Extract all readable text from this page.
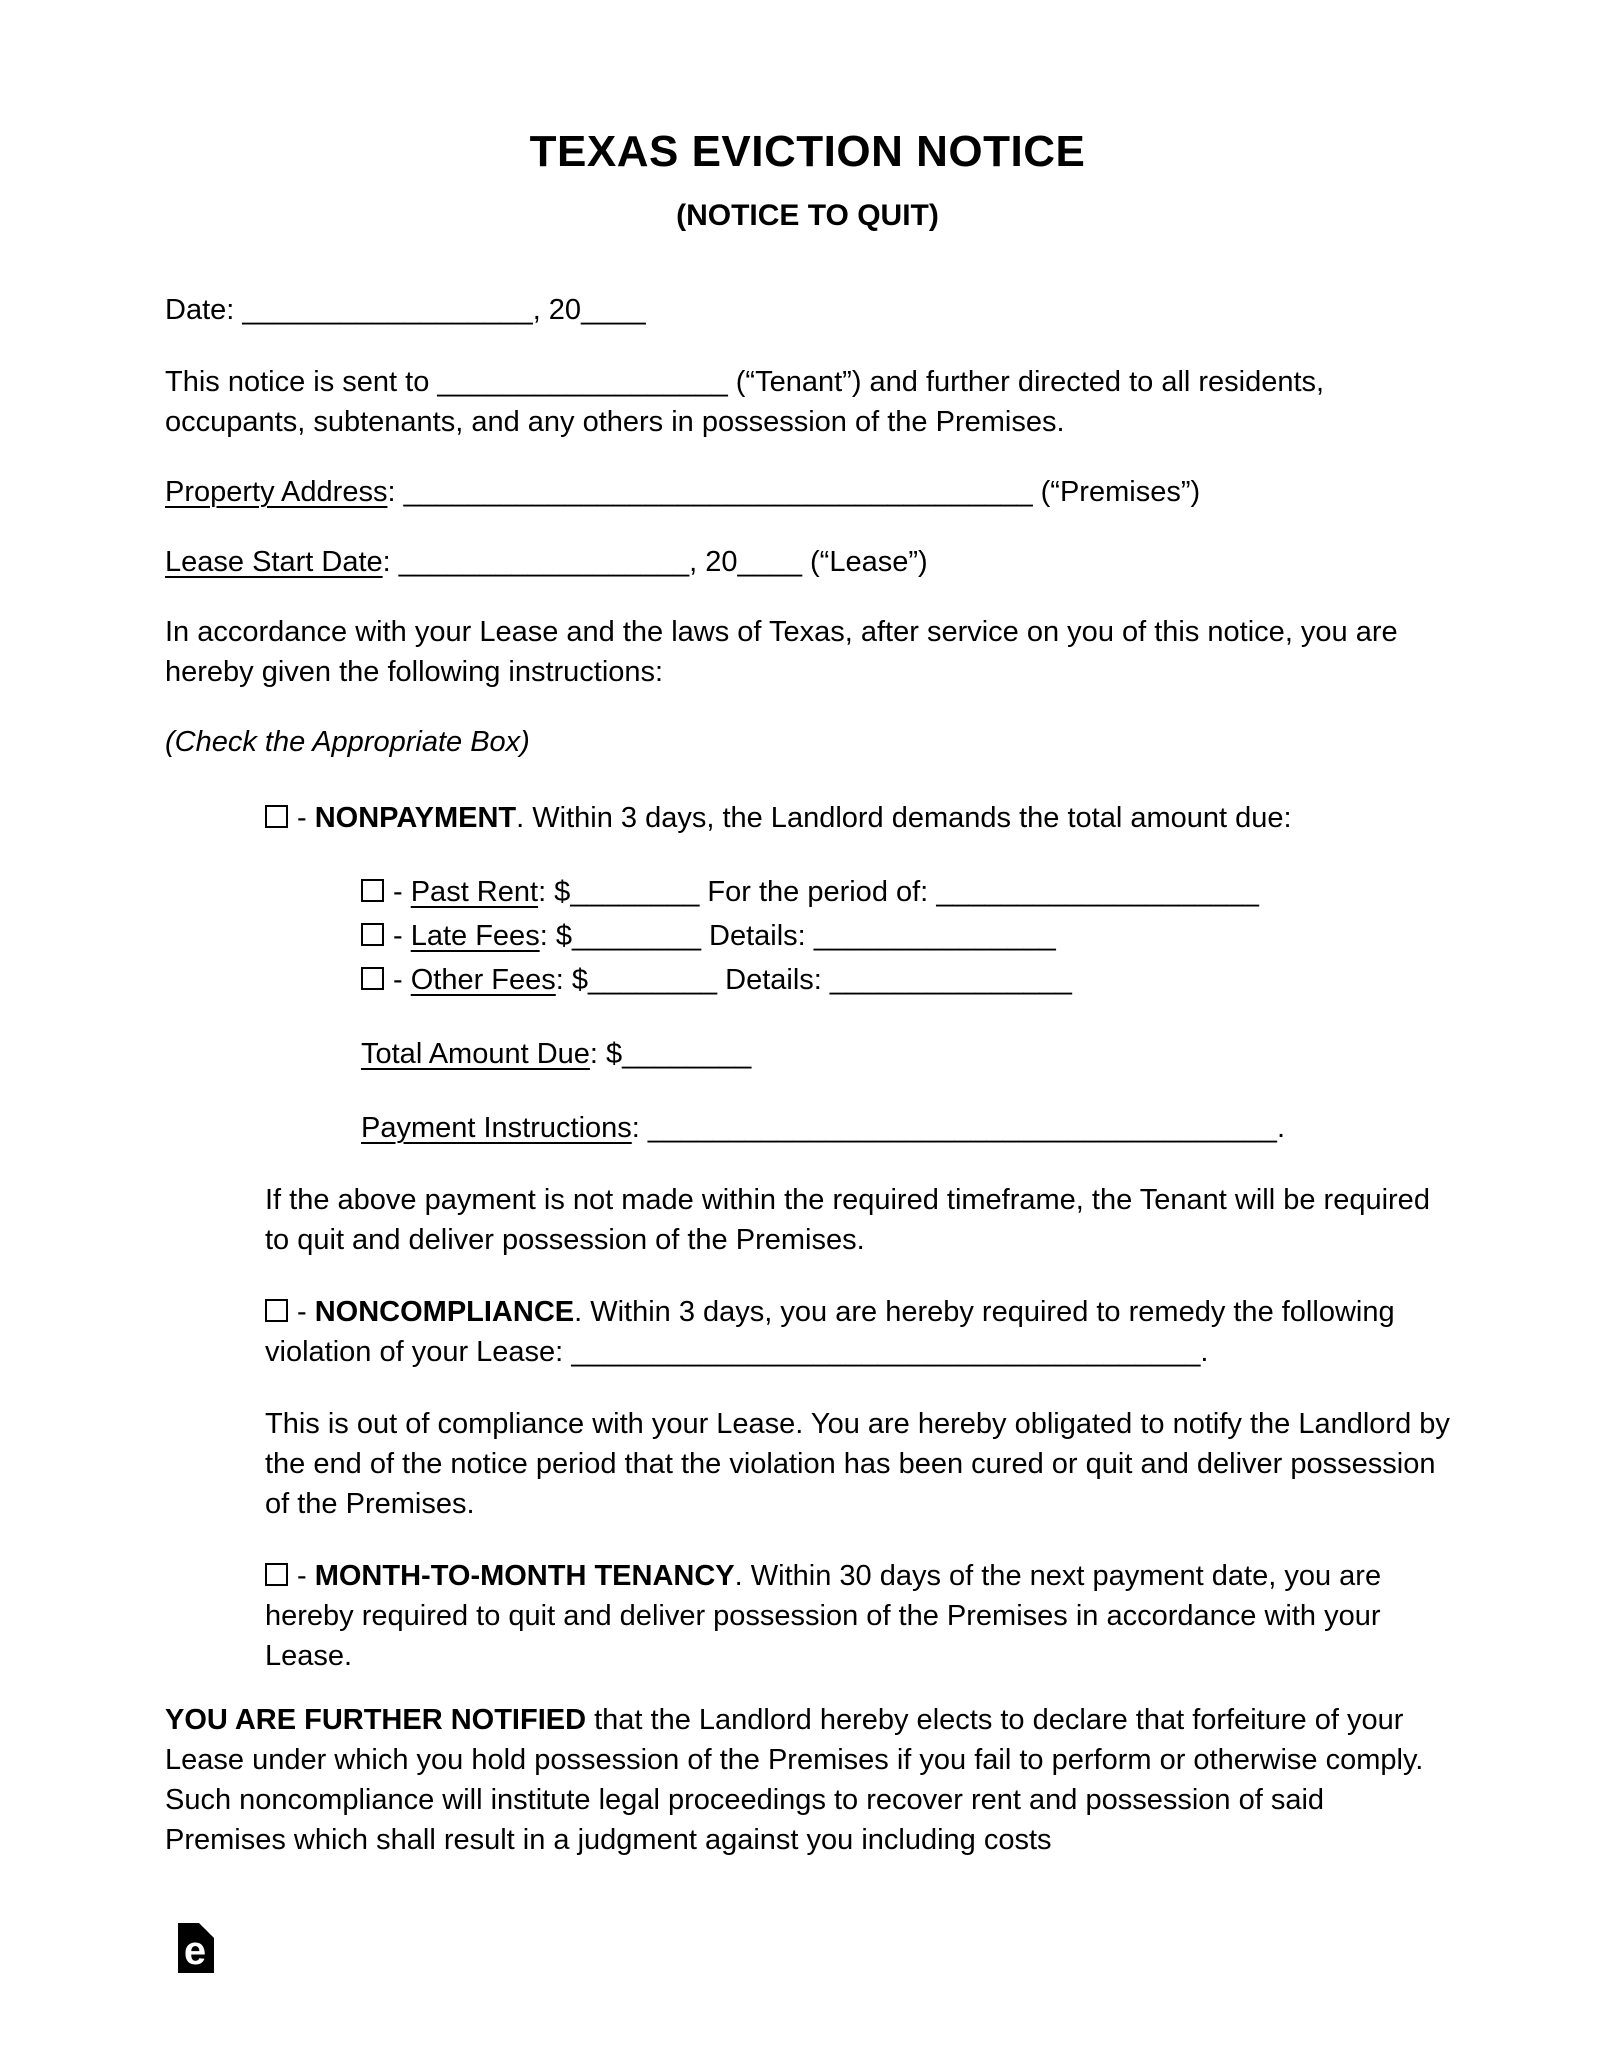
TEXAS EVICTION NOTICE
(NOTICE TO QUIT)

Date: __________________, 20____

This notice is sent to __________________ (“Tenant”) and further directed to all residents, occupants, subtenants, and any others in possession of the Premises.

Property Address: _______________________________________ (“Premises”)

Lease Start Date: __________________, 20____ (“Lease”)

In accordance with your Lease and the laws of Texas, after service on you of this notice, you are hereby given the following instructions:

(Check the Appropriate Box)

- NONPAYMENT. Within 3 days, the Landlord demands the total amount due:

- Past Rent: $________ For the period of: ____________________

- Late Fees: $________ Details: _______________

- Other Fees: $________ Details: _______________

Total Amount Due: $________

Payment Instructions: _______________________________________.

If the above payment is not made within the required timeframe, the Tenant will be required to quit and deliver possession of the Premises.

- NONCOMPLIANCE. Within 3 days, you are hereby required to remedy the following violation of your Lease: _______________________________________.

This is out of compliance with your Lease. You are hereby obligated to notify the Landlord by the end of the notice period that the violation has been cured or quit and deliver possession of the Premises.

- MONTH-TO-MONTH TENANCY. Within 30 days of the next payment date, you are hereby required to quit and deliver possession of the Premises in accordance with your Lease.

YOU ARE FURTHER NOTIFIED that the Landlord hereby elects to declare that forfeiture of your Lease under which you hold possession of the Premises if you fail to perform or otherwise comply. Such noncompliance will institute legal proceedings to recover rent and possession of said Premises which shall result in a judgment against you including costs

e
